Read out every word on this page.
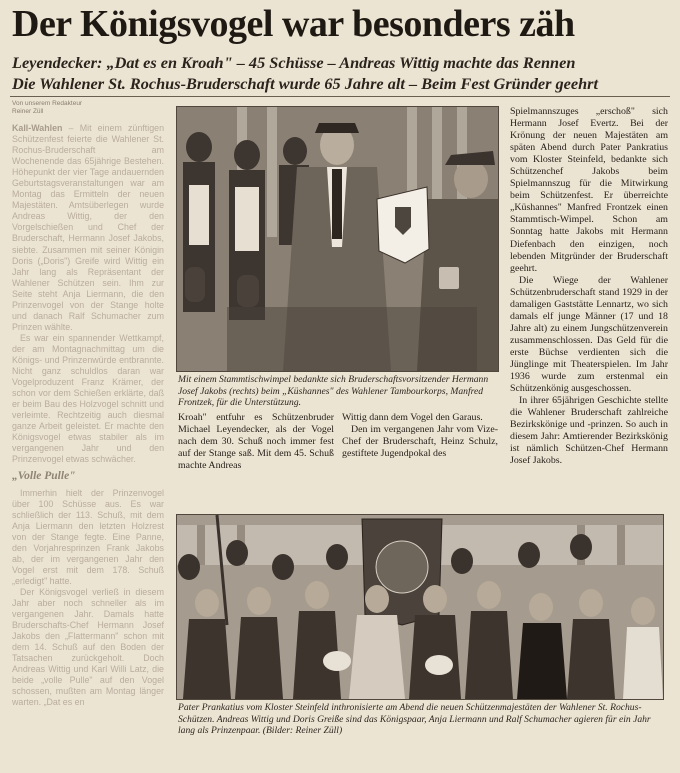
Der Königsvogel war besonders zäh
Leyendecker: „Dat es en Kroah" – 45 Schüsse – Andreas Wittig machte das Rennen
Die Wahlener St. Rochus-Bruderschaft wurde 65 Jahre alt – Beim Fest Gründer geehrt
Von unserem Redakteur
Reiner Züll

Kall-Wahlen – Mit einem zünftigen Schützenfest feierte die Wahlener St. Rochus-Bruderschaft am Wochenende das 65jährige Bestehen. Höhepunkt der vier Tage andauernden Geburtstagsveranstaltungen war am Montag das Ermitteln der neuen Majestäten. Amtsüberlegen wurde Andreas Wittig, der den Vorgelschießen und Chef der Bruderschaft, Hermann Josef Jakobs, siebte. Zusammen mit seiner Königin Doris („Doris") Greife wird Wittig ein Jahr lang als Repräsentant der Wahlener Schützen sein. Ihm zur Seite steht Anja Liermann, die den Prinzenvogel von der Stange holte und danach Ralf Schumacher zum Prinzen wählte.

Es war ein spannender Wettkampf, der am Montagnachmittag um die Königs- und Prinzenwürde entbrannte. Nicht ganz schuldlos daran war Vogelproduzent Franz Krämer, der schon vor dem Schießen erklärte, daß er beim Bau des Holzvogel schnitt und verleimte. Rechtzeitig auch diesmal ganze Arbeit geleistet. Er machte den Königsvogel etwas stabiler als im vergangenen Jahr und den Prinzenvogel etwas schwächer.

„Volle Pulle"

Immerhin hielt der Prinzenvogel über 100 Schüsse aus. Es war schließlich der 113. Schuß, mit dem Anja Liermann den letzten Holzrest von der Stange fegte. Eine Panne, den Vorjahresprinzen Frank Jakobs ab, der im vergangenen Jahr den Vogel erst mit dem 178. Schuß „erledigt" hatte.

Der Königsvogel verließ in diesem Jahr aber noch schneller als im vergangenen Jahr. Damals hatte Bruderschafts-Chef Hermann Josef Jakobs den „Flattermann" schon mit dem 14. Schuß auf den Boden der Tatsachen zurückgeholt. Doch Andreas Wittig und Karl Willi Latz, die beide „volle Pulle" auf den Vogel schossen, mußten am Montag länger warten. „Dat es en

Mit einem Stammtischwimpel bedankte sich Bruderschaftsvorsitzender Hermann Josef Jakobs (rechts) beim „Küshannes" des Wahlener Tambourkorps, Manfred Frontzek, für die Unterstützung.

Spielmannszuges „erschoß" sich Hermann Josef Evertz. Bei der Krönung der neuen Majestäten am späten Abend durch Pater Pankratius vom Kloster Steinfeld, bedankte sich Schützenchef Jakobs beim Spielmannszug für die Mitwirkung beim Schützenfest. Er überreichte „Küshannes" Manfred Frontzek einen Stammtisch-Wimpel. Schon am Sonntag hatte Jakobs mit Hermann Diefenbach den einzigen, noch lebenden Mitgründer der Bruderschaft geehrt.

Die Wiege der Wahlener Schützenbruderschaft stand 1929 in der damaligen Gaststätte Lennartz, wo sich damals elf junge Männer (17 und 18 Jahre alt) zu einem Jungschützenverein zusammenschlossen. Das Geld für die erste Büchse verdienten sich die Jünglinge mit Theaterspielen. Im Jahr 1936 wurde zum erstenmal ein Schützenkönig ausgeschossen.

In ihrer 65jährigen Geschichte stellte die Wahlener Bruderschaft zahlreiche Bezirkskönige und -prinzen. So auch in diesem Jahr: Amtierender Bezirkskönig ist nämlich Schützen-Chef Hermann Josef Jakobs.

Kroah" entfuhr es Schützenbruder Michael Leyendecker, als der Vogel nach dem 30. Schuß noch immer fest auf der Stange saß. Mit dem 45. Schuß machte Andreas

Wittig dann dem Vogel den Garaus.

Den im vergangenen Jahr vom Vize-Chef der Bruderschaft, Heinz Schulz, gestiftete Jugendpokal des

Pater Prankatius vom Kloster Steinfeld inthronisierte am Abend die neuen Schützenmajestäten der Wahlener St. Rochus-Schützen. Andreas Wittig und Doris Greiße sind das Königspaar, Anja Liermann und Ralf Schumacher agieren für ein Jahr lang als Prinzenpaar. (Bilder: Reiner Züll)
